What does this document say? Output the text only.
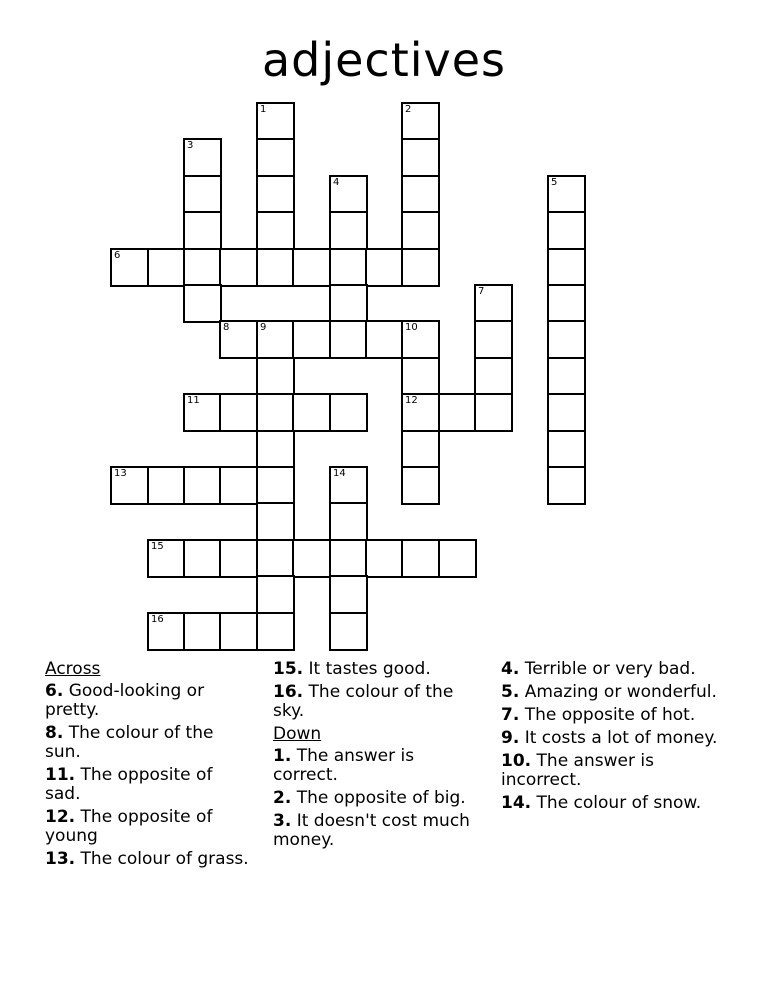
adjectives
1	2
3
4	5
6
7
8	9	10
11	12
13	14
15
16
Across
6. Good-looking or pretty.
8. The colour of the sun.
11. The opposite of sad.
12. The opposite of young
13. The colour of grass.
15. It tastes good.
16. The colour of the sky.
Down
1. The answer is correct.
2. The opposite of big.
3. It doesn't cost much money.
4. Terrible or very bad.
5. Amazing or wonderful.
7. The opposite of hot.
9. It costs a lot of money.
10. The answer is incorrect.
14. The colour of snow.
